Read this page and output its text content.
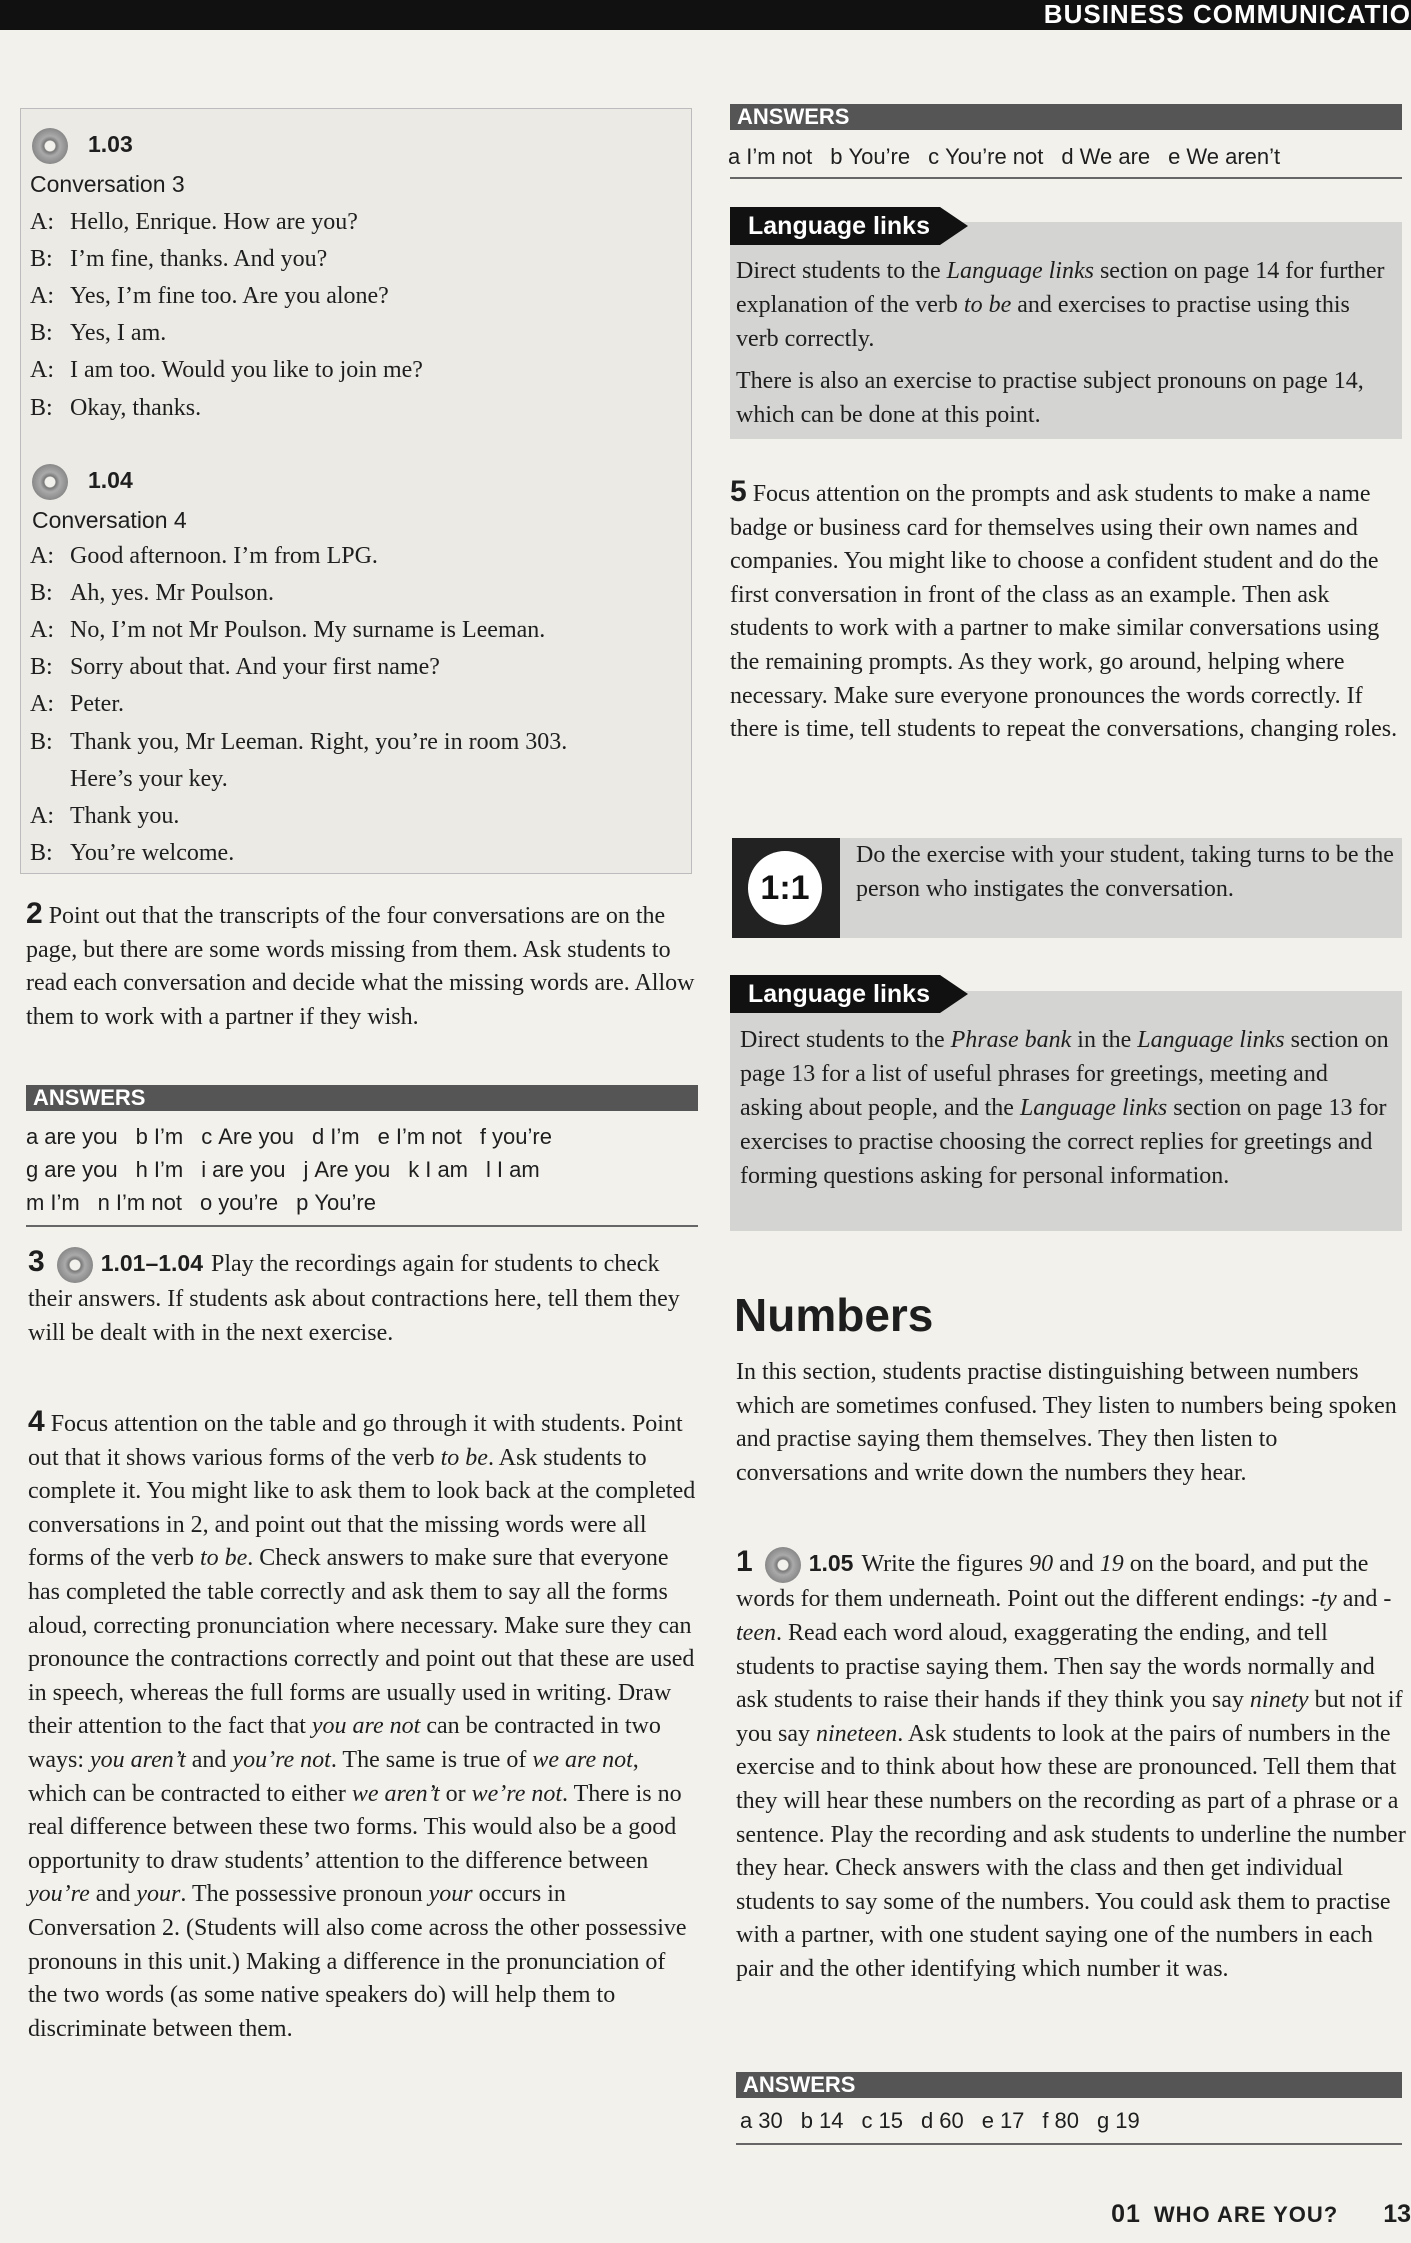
BUSINESS COMMUNICATIO
1.03
Conversation 3
A: Hello, Enrique. How are you?
B: I’m fine, thanks. And you?
A: Yes, I’m fine too. Are you alone?
B: Yes, I am.
A: I am too. Would you like to join me?
B: Okay, thanks.
1.04
Conversation 4
A: Good afternoon. I’m from LPG.
B: Ah, yes. Mr Poulson.
A: No, I’m not Mr Poulson. My surname is Leeman.
B: Sorry about that. And your first name?
A: Peter.
B: Thank you, Mr Leeman. Right, you’re in room 303.
Here’s your key.
A: Thank you.
B: You’re welcome.
2 Point out that the transcripts of the four conversations are on the page, but there are some words missing from them. Ask students to read each conversation and decide what the missing words are. Allow them to work with a partner if they wish.
ANSWERS
a are you b I’m c Are you d I’m e I’m not f you’re
g are you h I’m i are you j Are you k I am l I am
m I’m n I’m not o you’re p You’re
3 1.01–1.04 Play the recordings again for students to check their answers. If students ask about contractions here, tell them they will be dealt with in the next exercise.
4 Focus attention on the table and go through it with students. Point out that it shows various forms of the verb to be. Ask students to complete it. You might like to ask them to look back at the completed conversations in 2, and point out that the missing words were all forms of the verb to be. Check answers to make sure that everyone has completed the table correctly and ask them to say all the forms aloud, correcting pronunciation where necessary. Make sure they can pronounce the contractions correctly and point out that these are used in speech, whereas the full forms are usually used in writing. Draw their attention to the fact that you are not can be contracted in two ways: you aren’t and you’re not. The same is true of we are not, which can be contracted to either we aren’t or we’re not. There is no real difference between these two forms. This would also be a good opportunity to draw students’ attention to the difference between you’re and your. The possessive pronoun your occurs in Conversation 2. (Students will also come across the other possessive pronouns in this unit.) Making a difference in the pronunciation of the two words (as some native speakers do) will help them to discriminate between them.
ANSWERS
a I’m not b You’re c You’re not d We are e We aren’t
Language links
Direct students to the Language links section on page 14 for further explanation of the verb to be and exercises to practise using this verb correctly.
There is also an exercise to practise subject pronouns on page 14, which can be done at this point.
5 Focus attention on the prompts and ask students to make a name badge or business card for themselves using their own names and companies. You might like to choose a confident student and do the first conversation in front of the class as an example. Then ask students to work with a partner to make similar conversations using the remaining prompts. As they work, go around, helping where necessary. Make sure everyone pronounces the words correctly. If there is time, tell students to repeat the conversations, changing roles.
1:1
Do the exercise with your student, taking turns to be the person who instigates the conversation.
Language links
Direct students to the Phrase bank in the Language links section on page 13 for a list of useful phrases for greetings, meeting and asking about people, and the Language links section on page 13 for exercises to practise choosing the correct replies for greetings and forming questions asking for personal information.
Numbers
In this section, students practise distinguishing between numbers which are sometimes confused. They listen to numbers being spoken and practise saying them themselves. They then listen to conversations and write down the numbers they hear.
1 1.05 Write the figures 90 and 19 on the board, and put the words for them underneath. Point out the different endings: -ty and -teen. Read each word aloud, exaggerating the ending, and tell students to practise saying them. Then say the words normally and ask students to raise their hands if they think you say ninety but not if you say nineteen. Ask students to look at the pairs of numbers in the exercise and to think about how these are pronounced. Tell them that they will hear these numbers on the recording as part of a phrase or a sentence. Play the recording and ask students to underline the number they hear. Check answers with the class and then get individual students to say some of the numbers. You could ask them to practise with a partner, with one student saying one of the numbers in each pair and the other identifying which number it was.
ANSWERS
a 30 b 14 c 15 d 60 e 17 f 80 g 19
01 WHO ARE YOU? 13
